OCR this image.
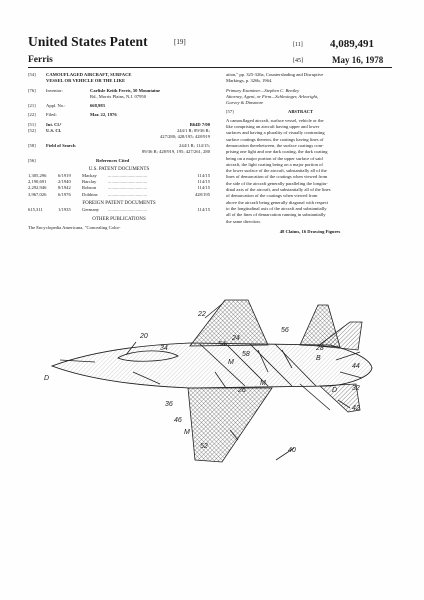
United States Patent	[19]
Ferris
[11] 4,089,491
[45]	May 16, 1978
[54]	CAMOUFLAGED AIRCRAFT, SURFACE
VESSEL OR VEHICLE OR THE LIKE
[76]	Inventor:	Carlisle Keith Ferris, 50 Mountaine
Rd., Morris Plains, N.J. 07950
[21]	Appl. No.:	668,983
[22]	Filed:	Mar. 22, 1976
[51]	Int. Cl.²	B64D 7/00
[52]	U.S. Cl.	244/1 R; 89/36 R;
427/280; 428/195; 428/919
[58]	Field of Search	244/1 R; 114/15;
89/36 R; 428/919, 195; 427/261, 280
[56]	References Cited
U.S. PATENT DOCUMENTS
1,305,296	6/1919	Mackay	..................................	114/15
2,190,691	2/1940	Barclay	..................................	114/15
2,292,946	8/1942	Robson	..................................	114/15
3,967,026	6/1976	Dobbins	..................................	428/195
FOREIGN PATENT DOCUMENTS
615,311	1/1935	Germany	..................................	114/15
OTHER PUBLICATIONS
The Encyclopedia Americana, "Concealing Color-
ation," pp. 325-326a, Countershading and Disruptive
Markings, p. 326b, 1964.
Primary Examiner—Stephen C. Bentley
Attorney, Agent, or Firm—Schlesinger, Arkwright,
Garvey & Dinsmore
[57]	ABSTRACT
A camouflaged aircraft, surface vessel, vehicle or the
like comprising an aircraft having upper and lower
surfaces and having a plurality of visually contrasting
surface coatings thereon, the coatings having lines of
demarcation therebetween, the surface coatings com-
prising one light and one dark coating, the dark coating
being on a major portion of the upper surface of said
aircraft, the light coating being on a major portion of
the lower surface of the aircraft, substantially all of the
lines of demarcation of the coatings when viewed from
the side of the aircraft generally paralleling the longitu-
dinal axis of the aircraft, and substantially all of the lines
of demarcation of the coatings when viewed from
above the aircraft being generally diagonal with respect
to the longitudinal axis of the aircraft and substantially
all of the lines of demarcation running in substantially
the same direction.
48 Claims, 16 Drawing Figures
20
22
34
D
36
46
M
52
54
24
58
M
26
40
56
28
B
44
32
42
D
M
